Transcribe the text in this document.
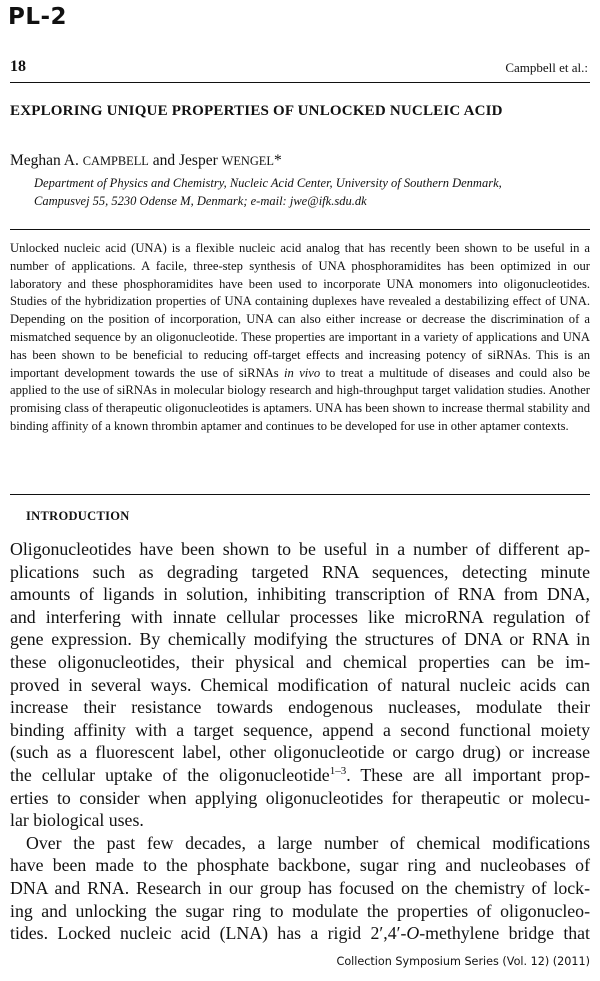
PL-2
18	Campbell et al.:
EXPLORING UNIQUE PROPERTIES OF UNLOCKED NUCLEIC ACID
Meghan A. CAMPBELL and Jesper WENGEL*
Department of Physics and Chemistry, Nucleic Acid Center, University of Southern Denmark,
Campusvej 55, 5230 Odense M, Denmark; e-mail: jwe@ifk.sdu.dk
Unlocked nucleic acid (UNA) is a flexible nucleic acid analog that has recently been shown to be useful in a number of applications. A facile, three-step synthesis of UNA phosphoramidites has been optimized in our laboratory and these phosphoramidites have been used to incorporate UNA monomers into oligonucleotides. Studies of the hybridization properties of UNA containing duplexes have revealed a destabilizing effect of UNA. Depending on the position of incorporation, UNA can also either increase or decrease the discrimination of a mismatched sequence by an oligonucleotide. These properties are important in a variety of applications and UNA has been shown to be beneficial to reducing off-target effects and increasing potency of siRNAs. This is an important development towards the use of siRNAs in vivo to treat a multitude of diseases and could also be applied to the use of siRNAs in molecular biology research and high-throughput target validation studies. Another promising class of therapeutic oligonucleotides is aptamers. UNA has been shown to increase thermal stability and binding affinity of a known thrombin aptamer and continues to be developed for use in other aptamer contexts.
INTRODUCTION

Oligonucleotides have been shown to be useful in a number of different ap-
plications such as degrading targeted RNA sequences, detecting minute
amounts of ligands in solution, inhibiting transcription of RNA from DNA,
and interfering with innate cellular processes like microRNA regulation of
gene expression. By chemically modifying the structures of DNA or RNA in
these oligonucleotides, their physical and chemical properties can be im-
proved in several ways. Chemical modification of natural nucleic acids can
increase their resistance towards endogenous nucleases, modulate their
binding affinity with a target sequence, append a second functional moiety
(such as a fluorescent label, other oligonucleotide or cargo drug) or increase
the cellular uptake of the oligonucleotide$^{1-3}$. These are all important prop-
erties to consider when applying oligonucleotides for therapeutic or molecu-
lar biological uses.

Over the past few decades, a large number of chemical modifications
have been made to the phosphate backbone, sugar ring and nucleobases of
DNA and RNA. Research in our group has focused on the chemistry of lock-
ing and unlocking the sugar ring to modulate the properties of oligonucleo-
tides. Locked nucleic acid (LNA) has a rigid 2′,4′-O-methylene bridge that

Collection Symposium Series (Vol. 12) (2011)
